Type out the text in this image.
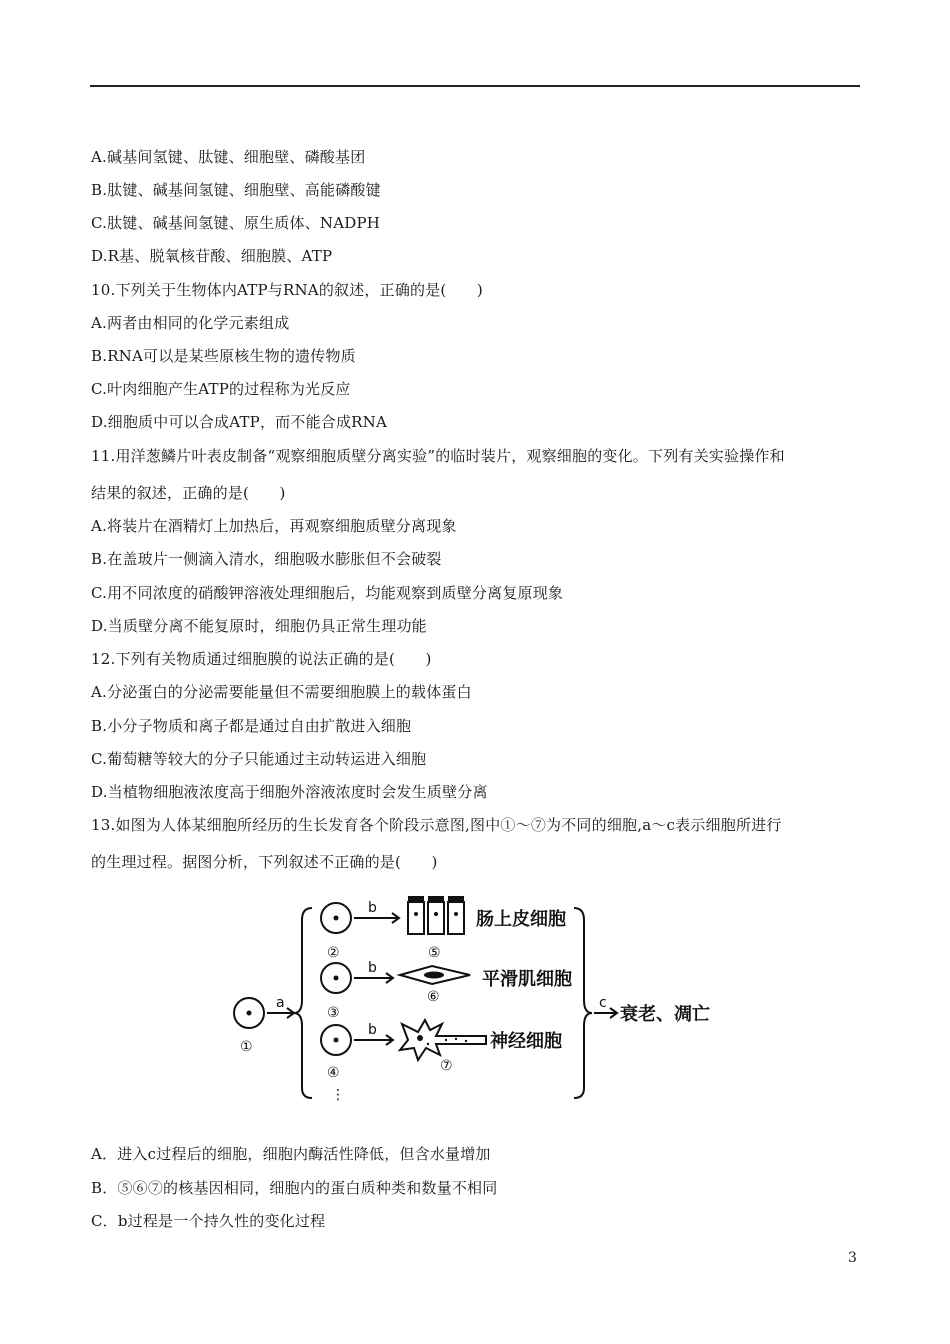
A.碱基间氢键、肽键、细胞壁、磷酸基团
B.肽键、碱基间氢键、细胞壁、高能磷酸键
C.肽键、碱基间氢键、原生质体、NADPH
D.R基、脱氧核苷酸、细胞膜、ATP
10.下列关于生物体内ATP与RNA的叙述，正确的是(　　)
A.两者由相同的化学元素组成
B.RNA可以是某些原核生物的遗传物质
C.叶肉细胞产生ATP的过程称为光反应
D.细胞质中可以合成ATP，而不能合成RNA
11.用洋葱鳞片叶表皮制备“观察细胞质壁分离实验”的临时装片，观察细胞的变化。下列有关实验操作和
结果的叙述，正确的是(　　)
A.将装片在酒精灯上加热后，再观察细胞质壁分离现象
B.在盖玻片一侧滴入清水，细胞吸水膨胀但不会破裂
C.用不同浓度的硝酸钾溶液处理细胞后，均能观察到质壁分离复原现象
D.当质壁分离不能复原时，细胞仍具正常生理功能
12.下列有关物质通过细胞膜的说法正确的是(　　)
A.分泌蛋白的分泌需要能量但不需要细胞膜上的载体蛋白
B.小分子物质和离子都是通过自由扩散进入细胞
C.葡萄糖等较大的分子只能通过主动转运进入细胞
D.当植物细胞液浓度高于细胞外溶液浓度时会发生质壁分离
13.如图为人体某细胞所经历的生长发育各个阶段示意图,图中①～⑦为不同的细胞,a～c表示细胞所进行
的生理过程。据图分析，下列叙述不正确的是(　　)
①
②
③
④
⑤
⑥
⑦
⋮
a
b
b
b
c
肠上皮细胞
平滑肌细胞
神经细胞
衰老、凋亡
A．进入c过程后的细胞，细胞内酶活性降低，但含水量增加
B．⑤⑥⑦的核基因相同，细胞内的蛋白质种类和数量不相同
C．b过程是一个持久性的变化过程
3
